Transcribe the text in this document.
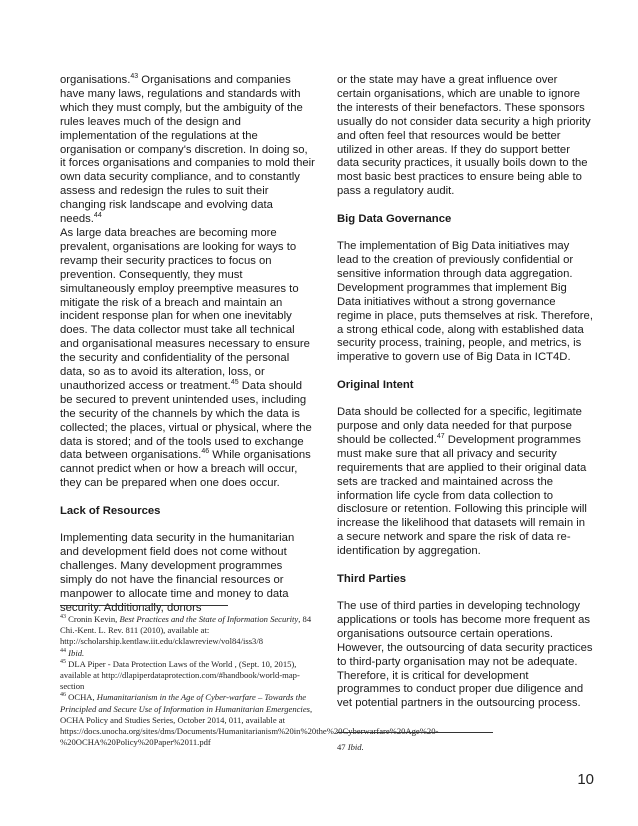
organisations.$^{43}$ Organisations and companies have many laws, regulations and standards with which they must comply, but the ambiguity of the rules leaves much of the design and implementation of the regulations at the organisation or company's discretion. In doing so, it forces organisations and companies to mold their own data security compliance, and to constantly assess and redesign the rules to suit their changing risk landscape and evolving data needs.$^{44}$

As large data breaches are becoming more prevalent, organisations are looking for ways to revamp their security practices to focus on prevention. Consequently, they must simultaneously employ preemptive measures to mitigate the risk of a breach and maintain an incident response plan for when one inevitably does. The data collector must take all technical and organisational measures necessary to ensure the security and confidentiality of the personal data, so as to avoid its alteration, loss, or unauthorized access or treatment.$^{45}$ Data should be secured to prevent unintended uses, including the security of the channels by which the data is collected; the places, virtual or physical, where the data is stored; and of the tools used to exchange data between organisations.$^{46}$ While organisations cannot predict when or how a breach will occur, they can be prepared when one does occur.

Lack of Resources

Implementing data security in the humanitarian and development field does not come without challenges. Many development programmes simply do not have the financial resources or manpower to allocate time and money to data security. Additionally, donors

$^{43}$ Cronin Kevin, Best Practices and the State of Information Security, 84 Chi.-Kent. L. Rev. 811 (2010), available at: http://scholarship.kentlaw.iit.edu/cklawreview/vol84/iss3/8

$^{44}$ Ibid.

$^{45}$ DLA Piper - Data Protection Laws of the World , (Sept. 10, 2015), available at http://dlapiperdataprotection.com/#handbook/world-map-section

$^{46}$ OCHA, Humanitarianism in the Age of Cyber-warfare – Towards the Principled and Secure Use of Information in Humanitarian Emergencies, OCHA Policy and Studies Series, October 2014, 011, available at https://docs.unocha.org/sites/dms/Documents/Humanitarianism%20in%20the%20Cyberwarfare%20Age%20-%20OCHA%20Policy%20Paper%2011.pdf

or the state may have a great influence over certain organisations, which are unable to ignore the interests of their benefactors. These sponsors usually do not consider data security a high priority and often feel that resources would be better utilized in other areas. If they do support better data security practices, it usually boils down to the most basic best practices to ensure being able to pass a regulatory audit.

Big Data Governance

The implementation of Big Data initiatives may lead to the creation of previously confidential or sensitive information through data aggregation. Development programmes that implement Big Data initiatives without a strong governance regime in place, puts themselves at risk. Therefore, a strong ethical code, along with established data security process, training, people, and metrics, is imperative to govern use of Big Data in ICT4D.

Original Intent

Data should be collected for a specific, legitimate purpose and only data needed for that purpose should be collected.$^{47}$ Development programmes must make sure that all privacy and security requirements that are applied to their original data sets are tracked and maintained across the information life cycle from data collection to disclosure or retention. Following this principle will increase the likelihood that datasets will remain in a secure network and spare the risk of data re-identification by aggregation.

Third Parties

The use of third parties in developing technology applications or tools has become more frequent as organisations outsource certain operations. However, the outsourcing of data security practices to third-party organisation may not be adequate. Therefore, it is critical for development programmes to conduct proper due diligence and vet potential partners in the outsourcing process.

47 Ibid.

10
